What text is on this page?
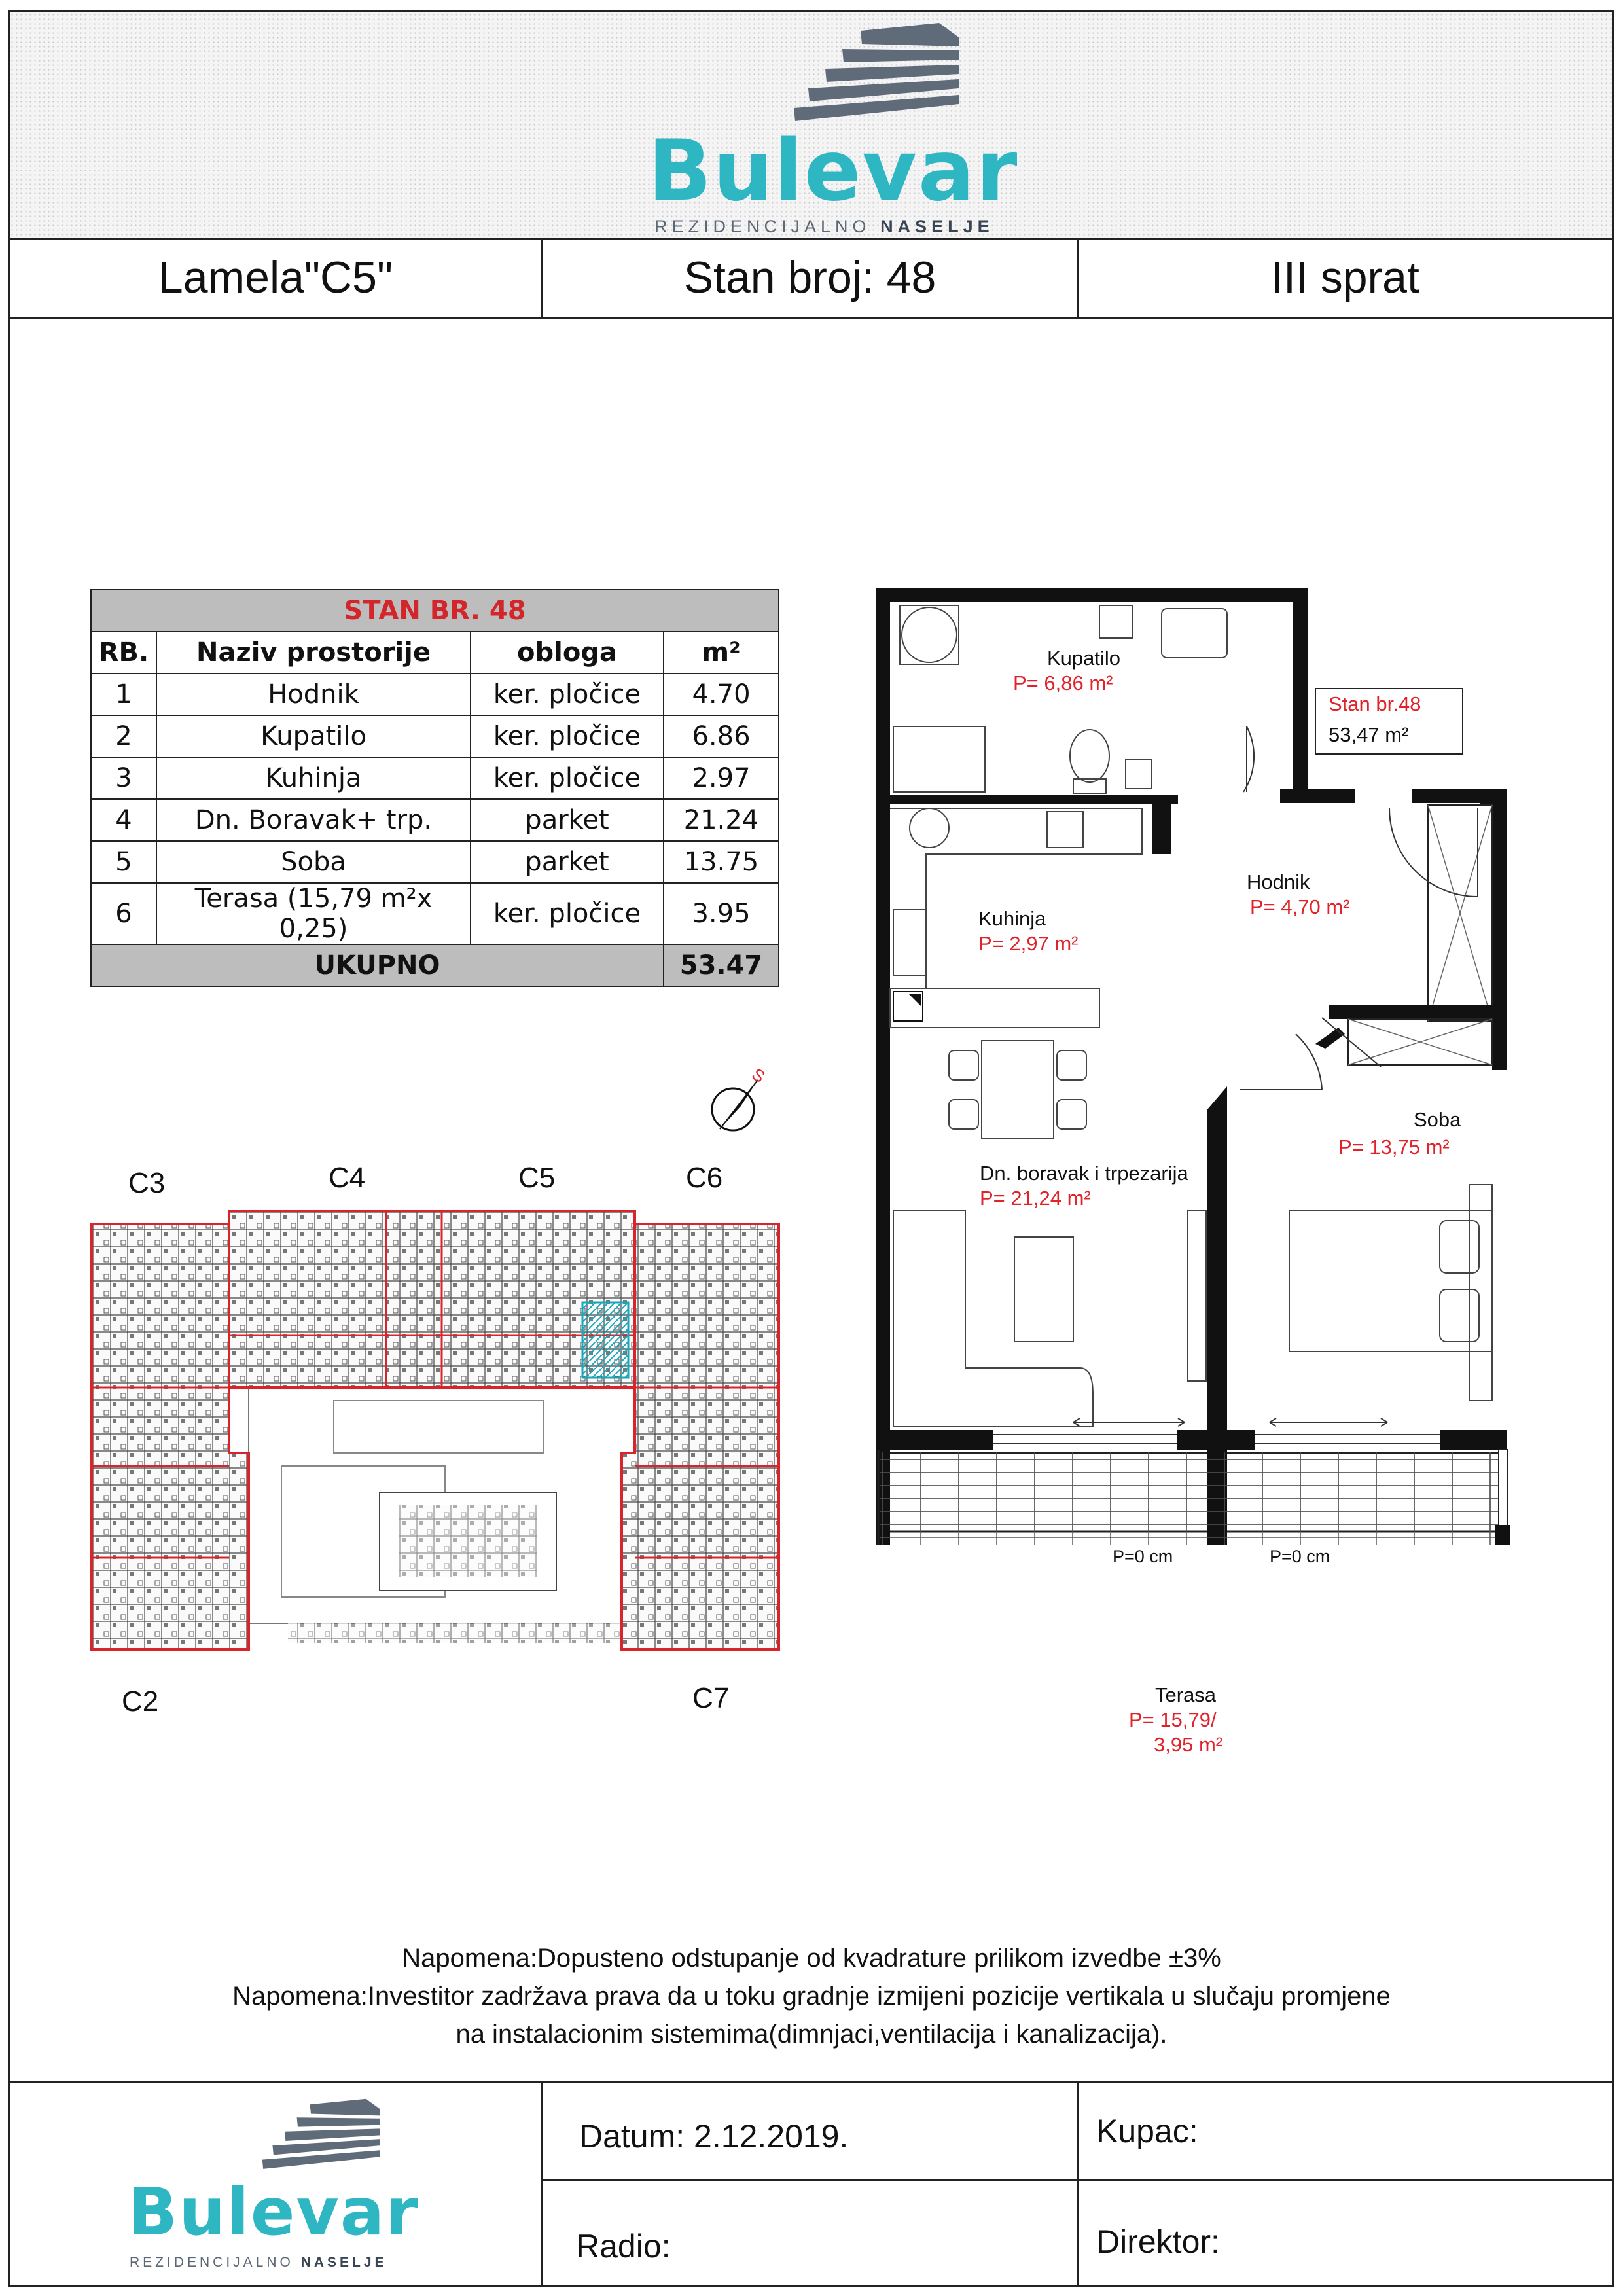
Bulevar
REZIDENCIJALNO NASELJE
Lamela"C5"	Stan broj: 48	III sprat
STAN BR. 48			
RB.	Naziv prostorije	obloga	m²
1	Hodnik	ker. pločice	4.70
2	Kupatilo	ker. pločice	6.86
3	Kuhinja	ker. pločice	2.97
4	Dn. Boravak+ trp.	parket	21.24
5	Soba	parket	13.75
6	Terasa (15,79 m²x 0,25)	ker. pločice	3.95
UKUPNO			53.47
Stan br.48
53,47 m²
Kupatilo
P= 6,86 m²
Hodnik
P= 4,70 m²
Kuhinja
P= 2,97 m²
Soba
P= 13,75 m²
Dn. boravak i trpezarija
P= 21,24 m²
P=0 cm	P=0 cm
Terasa
P= 15,79/
3,95 m²
S
C3	C4	C5	C6
C2	C7
Napomena:Dopusteno odstupanje od kvadrature prilikom izvedbe ±3%
Napomena:Investitor zadržava prava da u toku gradnje izmijeni pozicije vertikala u slučaju promjene
na instalacionim sistemima(dimnjaci,ventilacija i kanalizacija).
Bulevar
REZIDENCIJALNO NASELJE
Datum: 2.12.2019.	Kupac:
Radio:	Direktor:
